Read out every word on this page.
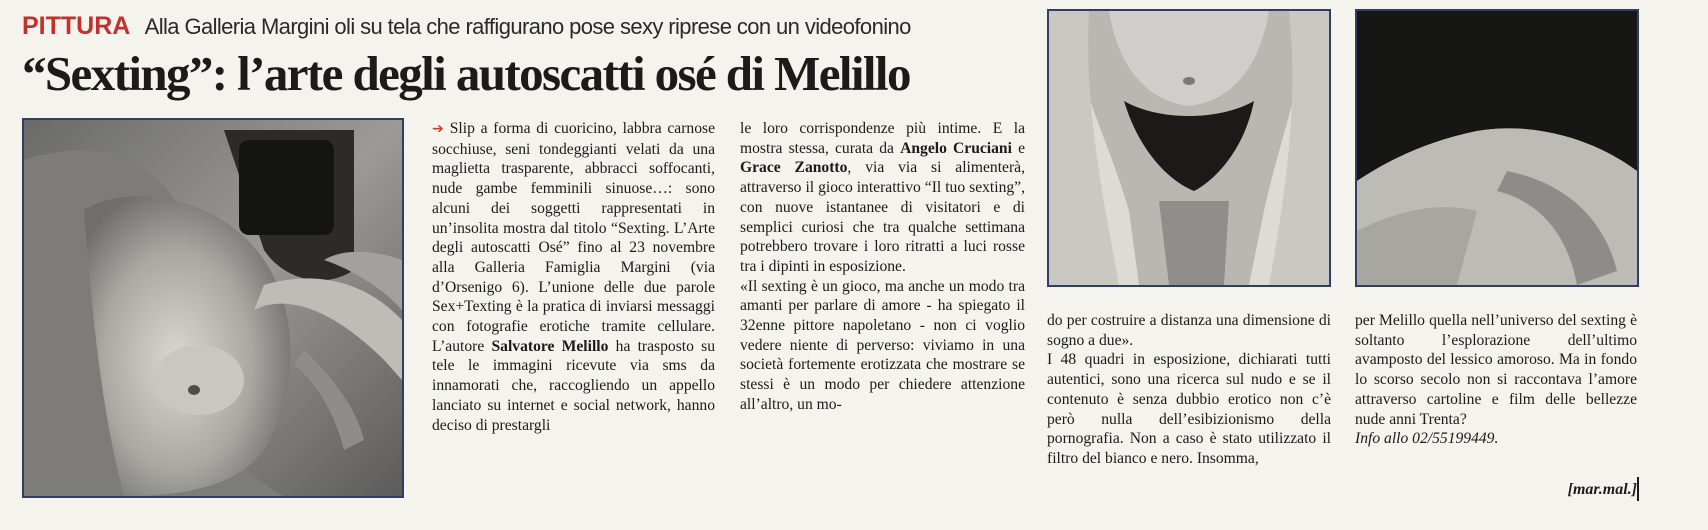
PITTURA Alla Galleria Margini oli su tela che raffigurano pose sexy riprese con un videofonino
“Sexting”: l’arte degli autoscatti osé di Melillo

➔ Slip a forma di cuoricino, labbra carnose socchiuse, seni tondeggianti velati da una maglietta trasparente, abbracci soffocanti, nude gambe femminili sinuose…: sono alcuni dei soggetti rappresentati in un’insolita mostra dal titolo “Sexting. L’Arte degli autoscatti Osé” fino al 23 novembre alla Galleria Famiglia Margini (via d’Orsenigo 6). L’unione delle due parole Sex+Texting è la pratica di inviarsi messaggi con fotografie erotiche tramite cellulare. L’autore Salvatore Melillo ha trasposto su tele le immagini ricevute via sms da innamorati che, raccogliendo un appello lanciato su internet e social network, hanno deciso di prestargli

le loro corrispondenze più intime. E la mostra stessa, curata da Angelo Cruciani e Grace Zanotto, via via si alimenterà, attraverso il gioco interattivo “Il tuo sexting”, con nuove istantanee di visitatori e di semplici curiosi che tra qualche settimana potrebbero trovare i loro ritratti a luci rosse tra i dipinti in esposizione.

«Il sexting è un gioco, ma anche un modo tra amanti per parlare di amore - ha spiegato il 32enne pittore napoletano - non ci voglio vedere niente di perverso: viviamo in una società fortemente erotizzata che mostrare se stessi è un modo per chiedere attenzione all’altro, un mo-

do per costruire a distanza una dimensione di sogno a due».

I 48 quadri in esposizione, dichiarati tutti autentici, sono una ricerca sul nudo e se il contenuto è senza dubbio erotico non c’è però nulla dell’esibizionismo della pornografia. Non a caso è stato utilizzato il filtro del bianco e nero. Insomma,

per Melillo quella nell’universo del sexting è soltanto l’esplorazione dell’ultimo avamposto del lessico amoroso. Ma in fondo lo scorso secolo non si raccontava l’amore attraverso cartoline e film delle bellezze nude anni Trenta?

Info allo 02/55199449.
[mar.mal.]
